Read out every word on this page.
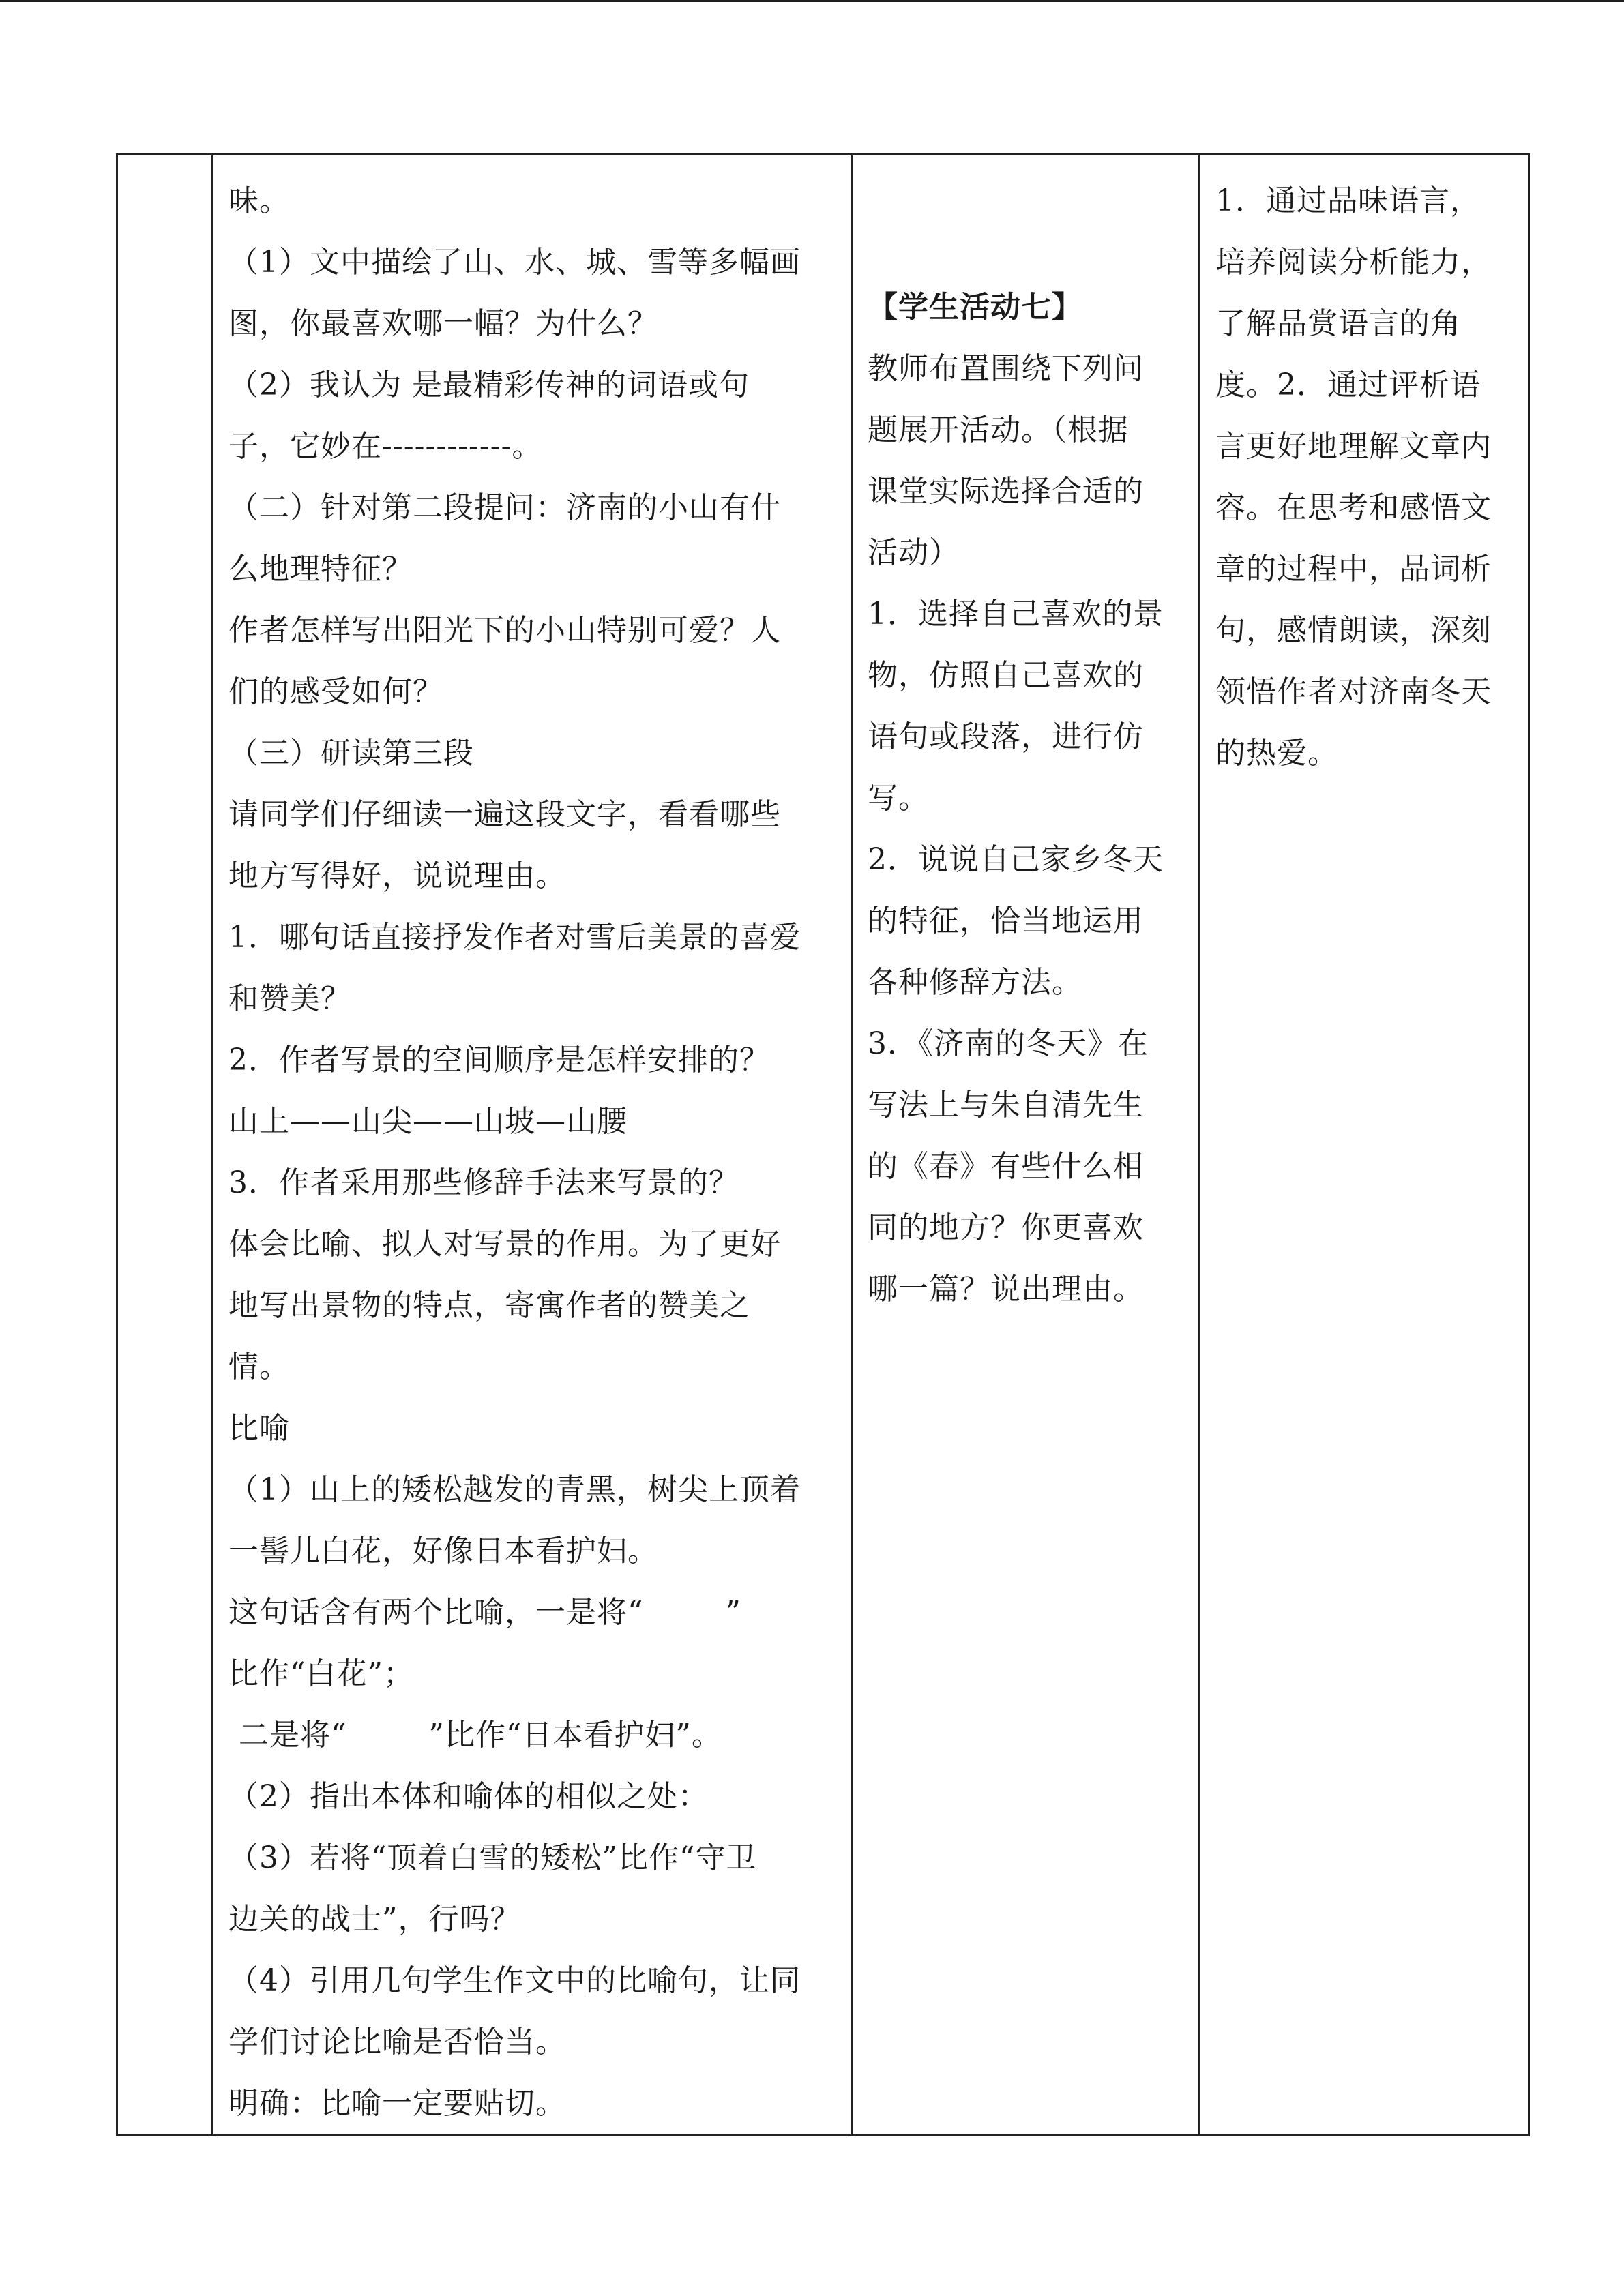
味。
（1）文中描绘了山、水、城、雪等多幅画
图，你最喜欢哪一幅？为什么？
（2）我认为 是最精彩传神的词语或句
子，它妙在------------。
（二）针对第二段提问：济南的小山有什
么地理特征？
作者怎样写出阳光下的小山特别可爱？人
们的感受如何？
（三）研读第三段
请同学们仔细读一遍这段文字，看看哪些
地方写得好，说说理由。
1．哪句话直接抒发作者对雪后美景的喜爱
和赞美？
2．作者写景的空间顺序是怎样安排的？
山上——山尖——山坡—山腰
3．作者采用那些修辞手法来写景的？
体会比喻、拟人对写景的作用。为了更好
地写出景物的特点，寄寓作者的赞美之
情。
比喻
（1）山上的矮松越发的青黑，树尖上顶着
一髻儿白花，好像日本看护妇。
这句话含有两个比喻，一是将“        ”
比作“白花”；
二是将“        ”比作“日本看护妇”。
（2）指出本体和喻体的相似之处：
（3）若将“顶着白雪的矮松”比作“守卫
边关的战士”，行吗？
（4）引用几句学生作文中的比喻句，让同
学们讨论比喻是否恰当。
明确：比喻一定要贴切。

【学生活动七】
教师布置围绕下列问
题展开活动。（根据
课堂实际选择合适的
活动）
1．选择自己喜欢的景
物，仿照自己喜欢的
语句或段落，进行仿
写。
2．说说自己家乡冬天
的特征，恰当地运用
各种修辞方法。
3．《济南的冬天》在
写法上与朱自清先生
的《春》有些什么相
同的地方？你更喜欢
哪一篇？说出理由。

1．通过品味语言，
培养阅读分析能力，
了解品赏语言的角
度。2．通过评析语
言更好地理解文章内
容。在思考和感悟文
章的过程中，品词析
句，感情朗读，深刻
领悟作者对济南冬天
的热爱。
